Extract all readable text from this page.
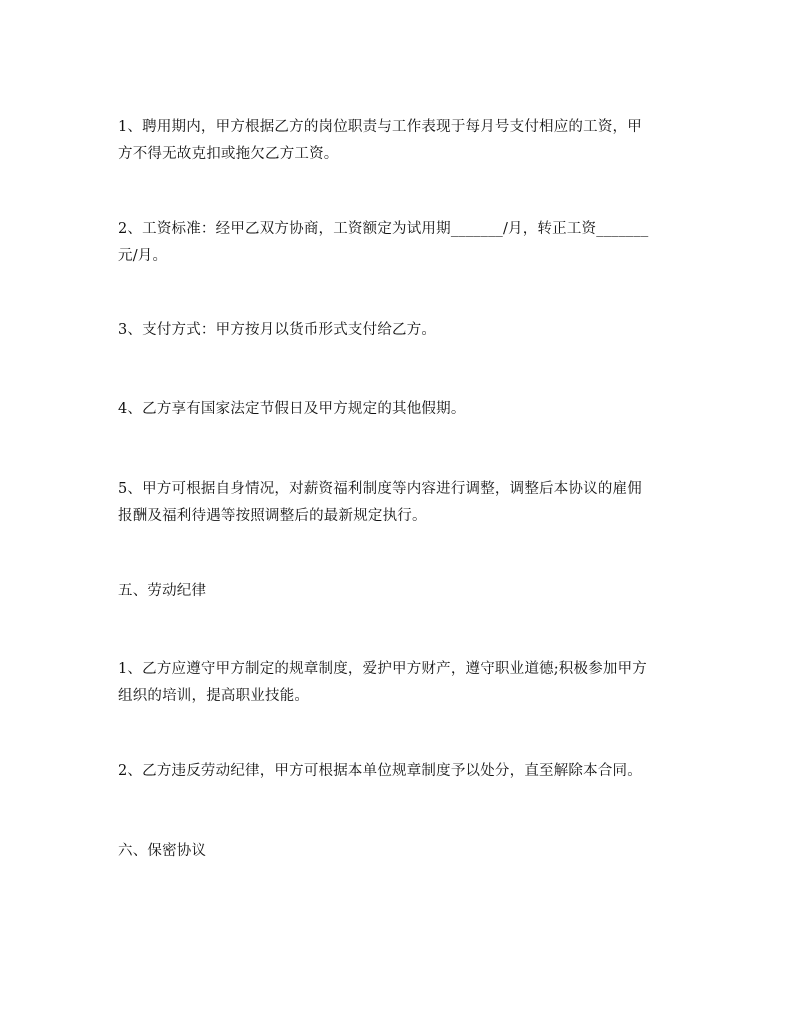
1、聘用期内，甲方根据乙方的岗位职责与工作表现于每月号支付相应的工资，甲
方不得无故克扣或拖欠乙方工资。

2、工资标准：经甲乙双方协商，工资额定为试用期_______/月，转正工资_______
元/月。

3、支付方式：甲方按月以货币形式支付给乙方。

4、乙方享有国家法定节假日及甲方规定的其他假期。

5、甲方可根据自身情况，对薪资福利制度等内容进行调整，调整后本协议的雇佣
报酬及福利待遇等按照调整后的最新规定执行。

五、劳动纪律

1、乙方应遵守甲方制定的规章制度，爱护甲方财产，遵守职业道德;积极参加甲方
组织的培训，提高职业技能。

2、乙方违反劳动纪律，甲方可根据本单位规章制度予以处分，直至解除本合同。

六、保密协议
